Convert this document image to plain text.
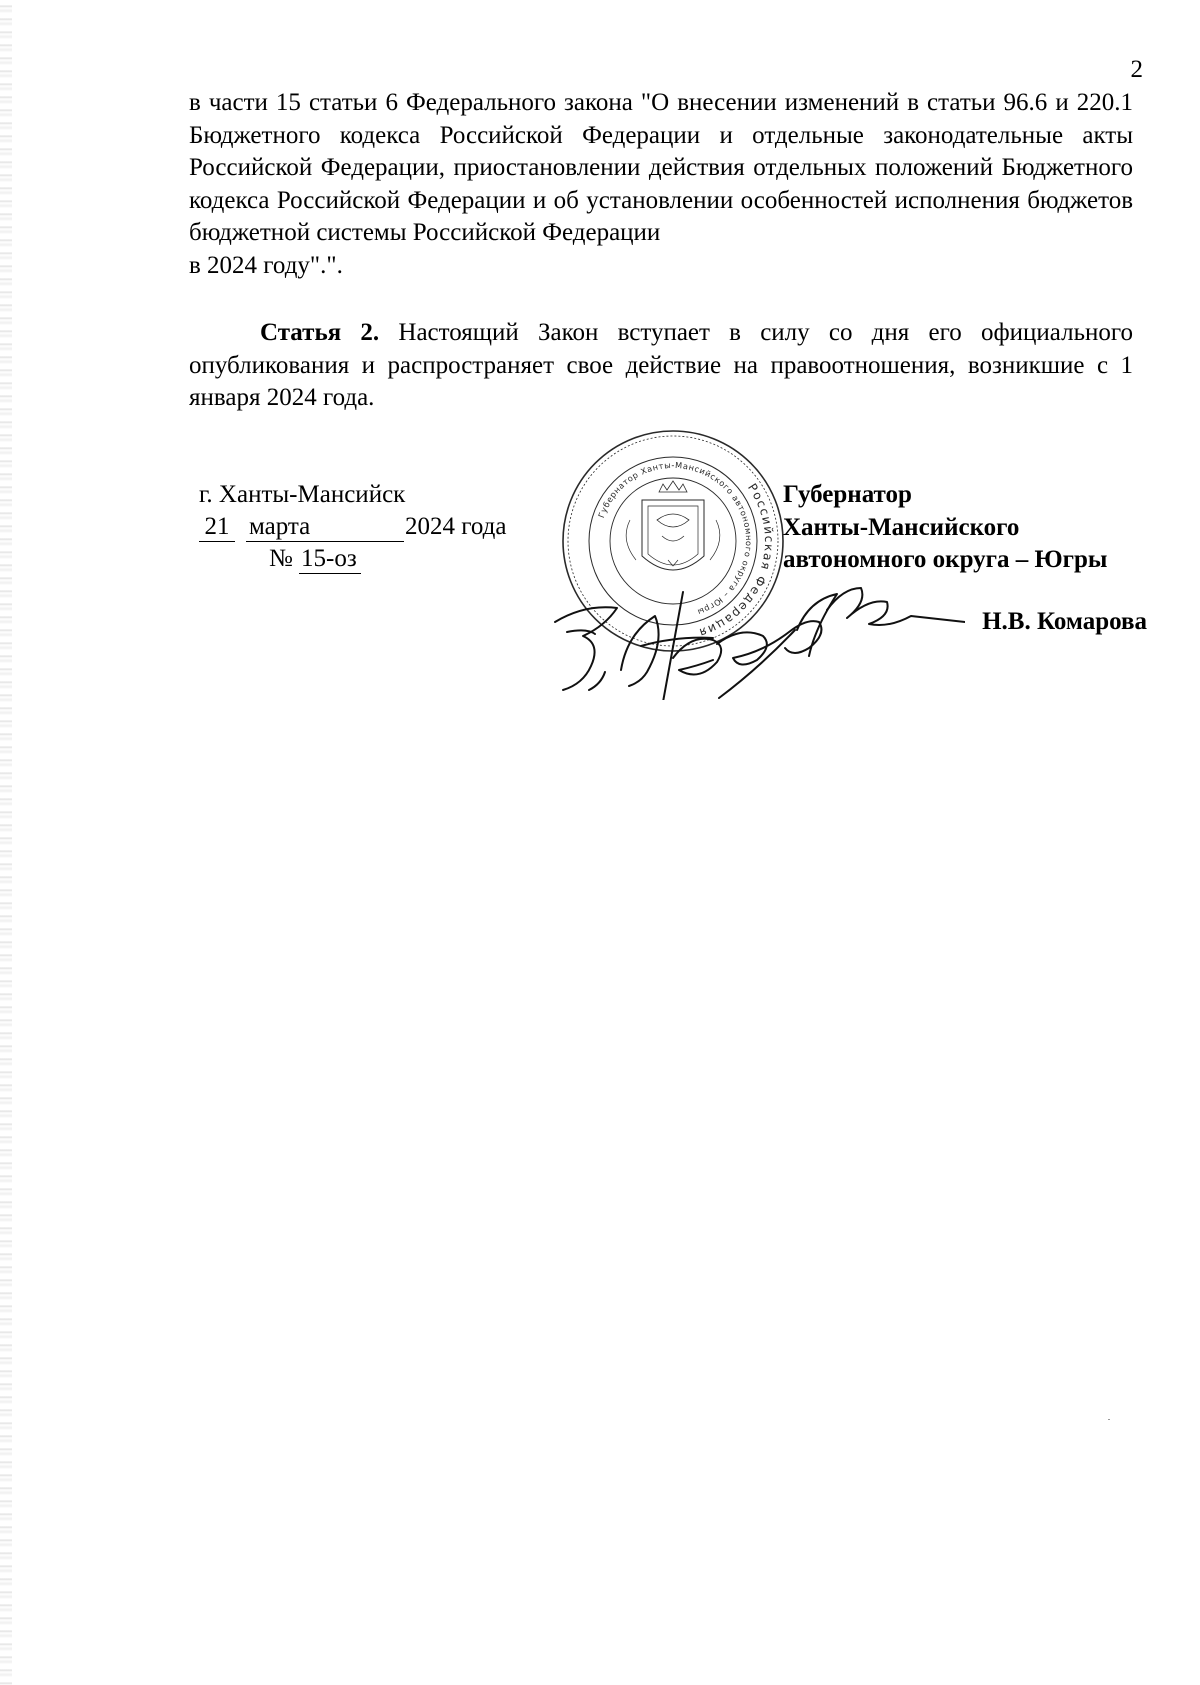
2

в части 15 статьи 6 Федерального закона "О внесении изменений в статьи 96.6 и 220.1 Бюджетного кодекса Российской Федерации и отдельные законодательные акты Российской Федерации, приостановлении действия отдельных положений Бюджетного кодекса Российской Федерации и об установлении особенностей исполнения бюджетов бюджетной системы Российской Федерации

в 2024 году".".

Статья 2. Настоящий Закон вступает в силу со дня его официального опубликования и распространяет свое действие на правоотношения, возникшие с 1 января 2024 года.

г. Ханты-Мансийск
21 марта	2024 года
№ 15-оз
Российская Федерация
Губернатор Ханты-Мансийского автономного округа – Югры
Губернатор
Ханты-Мансийского
автономного округа – Югры
Н.В. Комарова
